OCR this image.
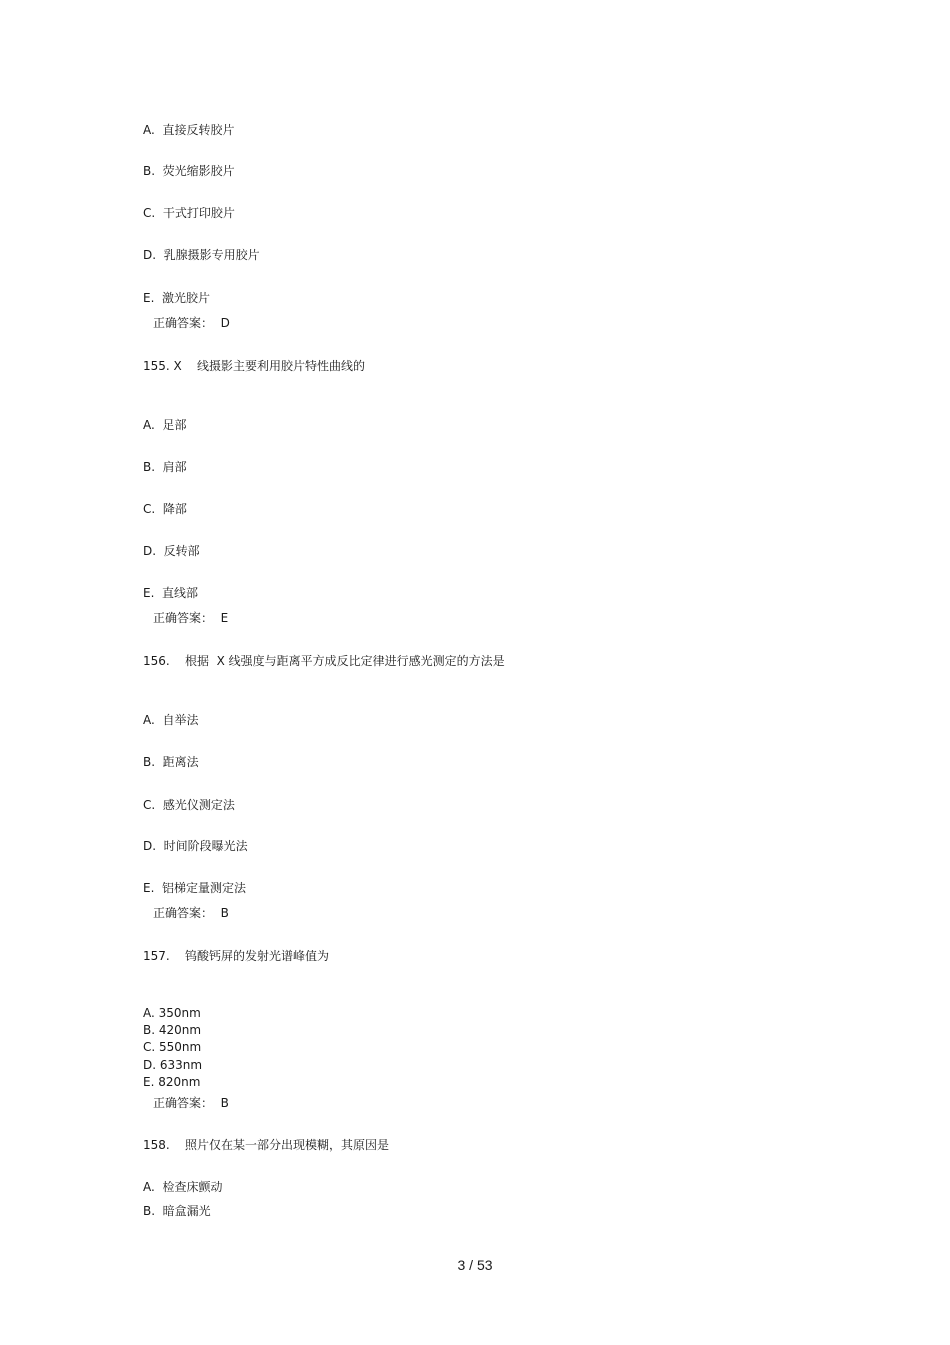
A.  直接反转胶片

B.  荧光缩影胶片

C.  干式打印胶片

D.  乳腺摄影专用胶片

E.  激光胶片

正确答案：  D

155. X    线摄影主要利用胶片特性曲线的

A.  足部

B.  肩部

C.  降部

D.  反转部

E.  直线部

正确答案：  E

156.    根据  X 线强度与距离平方成反比定律进行感光测定的方法是

A.  自举法

B.  距离法

C.  感光仪测定法

D.  时间阶段曝光法

E.  铝梯定量测定法

正确答案：  B

157.    钨酸钙屏的发射光谱峰值为

A. 350nm

B. 420nm

C. 550nm

D. 633nm

E. 820nm

正确答案：  B

158.    照片仅在某一部分出现模糊，其原因是

A.  检查床颤动

B.  暗盒漏光

3 / 53
